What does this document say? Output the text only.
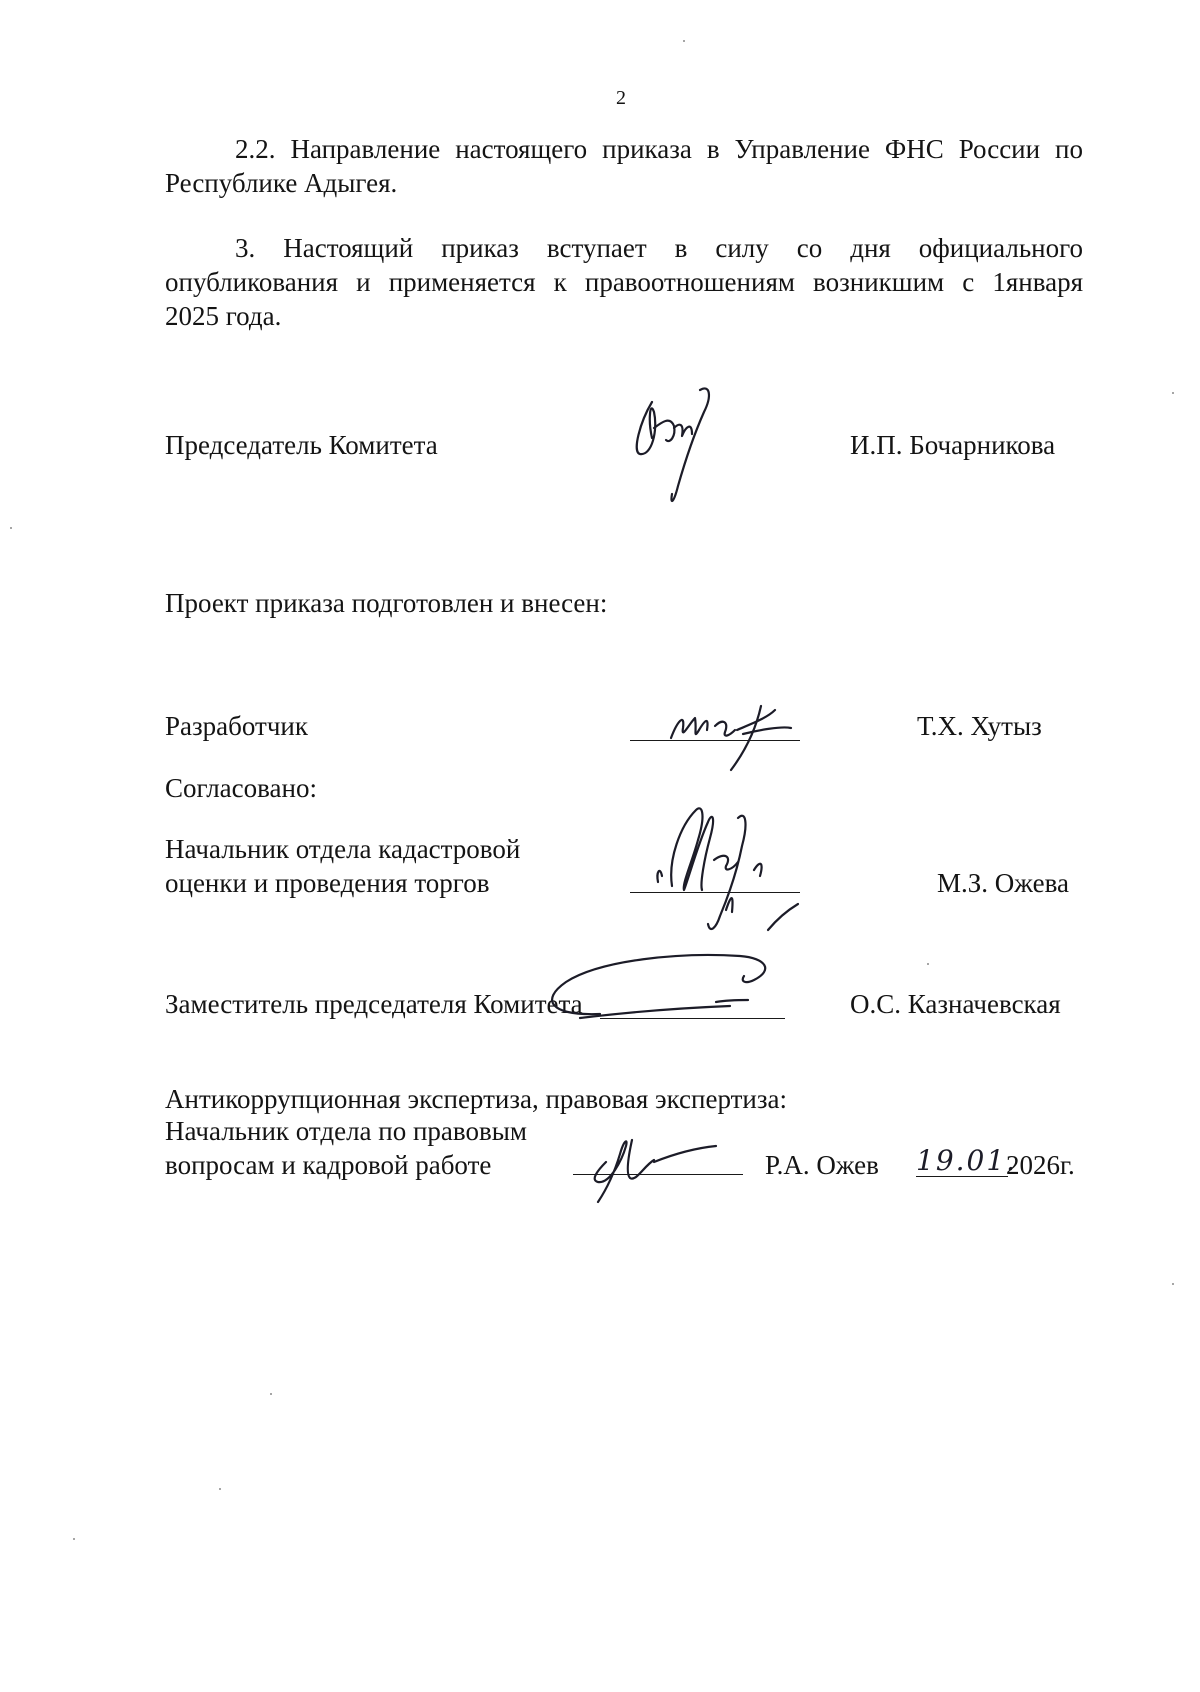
2
2.2. Направление настоящего приказа в Управление ФНС России по
Республике Адыгея.
3. Настоящий приказ вступает в силу со дня официального
опубликования и применяется к правоотношениям возникшим с 1января
2025 года.
Председатель Комитета	И.П. Бочарникова
Проект приказа подготовлен и внесен:
Разработчик	Т.Х. Хутыз
Согласовано:
Начальник отдела кадастровой
оценки и проведения торгов	М.З. Ожева
Заместитель председателя Комитета	О.С. Казначевская
Антикоррупционная экспертиза, правовая экспертиза:
Начальник отдела по правовым
вопросам и кадровой работе	Р.А. Ожев 19.01.
2026г.
